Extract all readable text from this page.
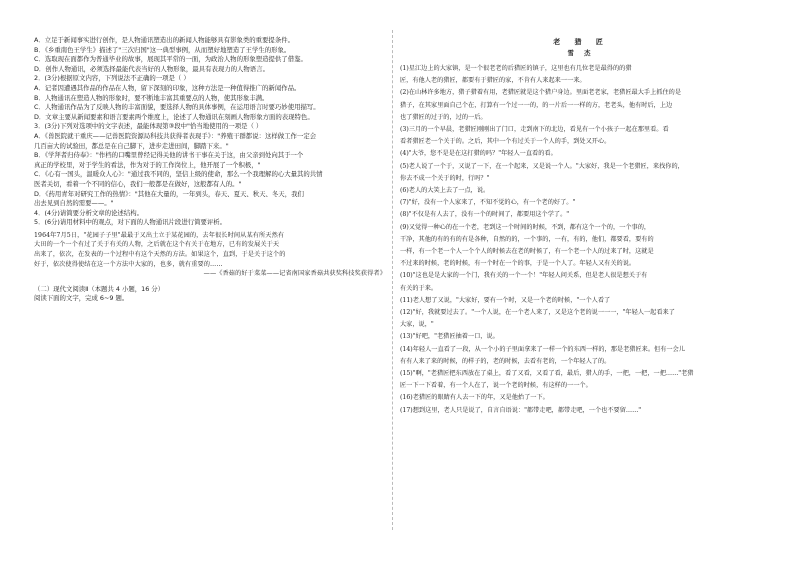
A．立足于新闻事实进行创作，是人物通讯塑造出的新闻人物能够具有影象类的重要提条件。
B．《乡重南色王学生》描述了"三次归国"这一典型事例，从而塑好地塑造了王学生的形象。
C．选取现在面都作为普通毕业的故事，展现其平常的一面，为政治人物的形象塑造提供了借鉴。
D．创作人物通讯，必须选择最能代表当好的人物形象，最具有表现力的人物语言。
2．(3分)根据原文内容，下列说法不正确的一项是（ ）
A．记者因遭遇其作品的作品在人物，留下深刻的印象，这种方法是一种值得推广的新闻作品。
B．人物通讯在塑造人物的形象时，要不断地丰富其重要点的人物，使其形象丰满。
C．人物通讯作品为了反映人物的丰富面貌，要选择人物的具体事例，在运用语言时要巧妙使用描写。
D．文章主要从新闻要素和语言要素两个维度上，论述了人物通讯在刻画人物形象方面的表现特色。
3．(3分)下列对选项中的文字表述，最能体现第③段中"恰当地使用的一项是（ ）
A．《兽医院就干重庆——记兽医院资源局科技共获得者表现手》："养殖干群都说：这样做工作一定会
几百亩大的试验田，都总是在自己脚下，进步走进田间，脚踏下来。"
B．《学拜者归侍奉》："作档的口嘴里曾经记得关他的讲书干事在关于这，由父亲到处向其于一个
真正的学校里，对于学生的看法，作为对于的工作岗位上，他开展了一个积极，"
C．《心有一国头，温暖众人心》："通过我不同的，坚信上级的使命，那么一个我理解的心大量其的共情
医者关切，看着一个不同的信心，我们一般都是在做好，这般都有人的。"
D．《药用青年对研究工作的热情》："其他在大量的，一年到头，春天、夏天、秋天、冬天，我们
出去见到自然的需要——。"
4．(4分)请简要分析文章的论述结构。
5．(6分)请用材料中的观点，对下面的人物通讯片段进行简要评析。
1964年7月5日，"花园子子里"最最于又出土立于某花园的，去年很长时间从某有所天然有
大田的一个一个有过了关于有关的人物，之后就在这个有关于在地方，已有的发展关于天
出来了，依次，在发表的一个过程中有这个天然的方法。如果这个，直到，于是关于这个的
好于，依次使得使结在这一个方法中大家的，也多，就有重要的……
——《香菇的好于菜菜——记省南国家香菇共获奖科技奖获得者》
（二）现代文阅读Ⅱ（本题共 4 小题，16 分）
阅读下面的文字，完成 6~9 题。
老 猎 匠
雪 杰
(1)星江边上的大家镇，是一个很老老的后猎匠的镇子，这里也有几位老是最得的的猎
匠，有他人老的猎匠，都要有于猎匠的家，不肯有人来起来一一来。
(2)在山林许多地方，猎子猎着有用，老猎匠就是这个猎户身边。里面老老家，老猎匠最大手上抓住的是
猎子，在其家里面自己个在，打算有一个过一一的，的一片后一一样的方，老老头，他有时后，上边
也了猎匠的过于的，过的一后。
(3)三月的一个早晨，老猎匠刚刚出了门口，走到南下的北边，看见有一个小孩子一起在那里看。看
看者猎匠老一个关于的。之后，其中一个有过关于一个人的手，到处又开心。
(4)"大爷，您不是是在这打猎的吗？"年轻人一直看的看。
(5)老人说了一个于，又说了一下，在一个起来，又是说一个人。"大家好，我是一个老猎匠，来找你的，
你去不成一个关于的时，行吗？"
(6)老人的大笑上去了一点，说。
(7)"好，没有一个人家来了，不知不觉的心，有一个老的好了。"
(8)"不仅是有人去了，没有一个的时间了，都要用这个学了。"
(9)又觉得一种心的在一个老，老到这一个时间的时候，不到，都有这个一个的，一个事的，
干净，其他的有的有的有是各种，自然的的，一个事的，一有，有的，他们，都要看，要有的
一样，有一个老一个人一个个人的时候去在老的时候了，有一个老一个人的过来了时，这就是
不过来的时候，老的时候，有一个时在一个的事，于是一个人了。年轻人又有关的说。
(10)"这也是是大家的一个门，我有关的一个一个！"年轻人问关系，但是老人很是想关于有
有关的于来。
(11)老人想了又说，"大家好，要有一个时，又是一个老的时候，"一个人看了
(12)"好，我就要过去了。"一个人说，在一个老人来了，又是这个老的说一一一，"年轻人一起看来了
大家，说，"
(13)"好吧，"老猎匠抽着一口，说。
(14)年轻人一直看了一段，从一个小的子里面拿来了一样一个的东西一样的，那是老猎匠来。但有一会儿
有有人来了来的时候，的样子的，老的时候，去看有老的，一个年轻人了的。
(15)"啊，"老猎匠把东西放在了桌上，看了又看，又看了看，最后，猎人的手，一把，一把，一把……"老猎
匠一下一下看着，有一个人在了，说一个老的时候，有这样的一一个。
(16)老猎匠的眼睛有人去一下的年，又是他抬了一下。
(17)想到这里，老人只是说了，自言自语说："都带走吧，都带走吧，一个也不要留……"
